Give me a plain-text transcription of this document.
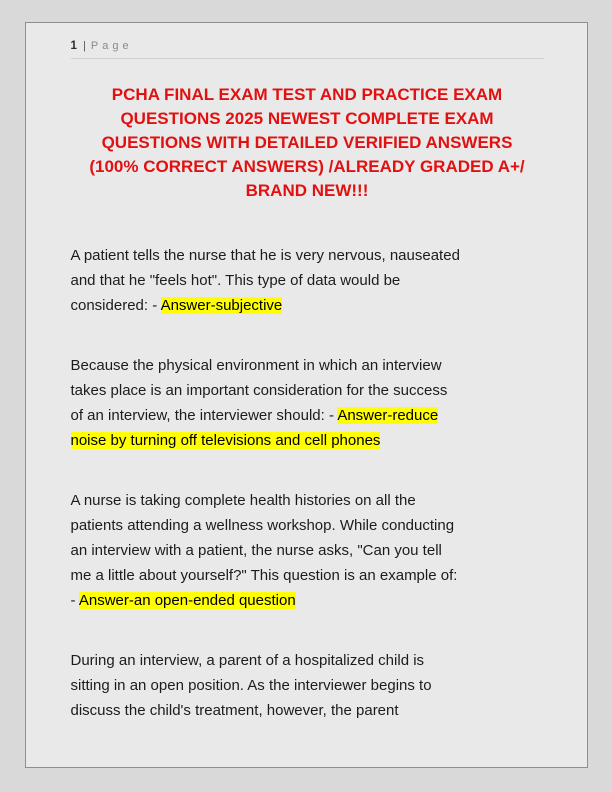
1 | Page
PCHA FINAL EXAM TEST AND PRACTICE EXAM
QUESTIONS 2025 NEWEST COMPLETE EXAM
QUESTIONS WITH DETAILED VERIFIED ANSWERS
(100% CORRECT ANSWERS) /ALREADY GRADED A+/
BRAND NEW!!!
A patient tells the nurse that he is very nervous, nauseated
and that he "feels hot". This type of data would be
considered: - Answer-subjective
Because the physical environment in which an interview
takes place is an important consideration for the success
of an interview, the interviewer should: - Answer-reduce
noise by turning off televisions and cell phones
A nurse is taking complete health histories on all the
patients attending a wellness workshop. While conducting
an interview with a patient, the nurse asks, "Can you tell
me a little about yourself?" This question is an example of:
- Answer-an open-ended question
During an interview, a parent of a hospitalized child is
sitting in an open position. As the interviewer begins to
discuss the child's treatment, however, the parent
